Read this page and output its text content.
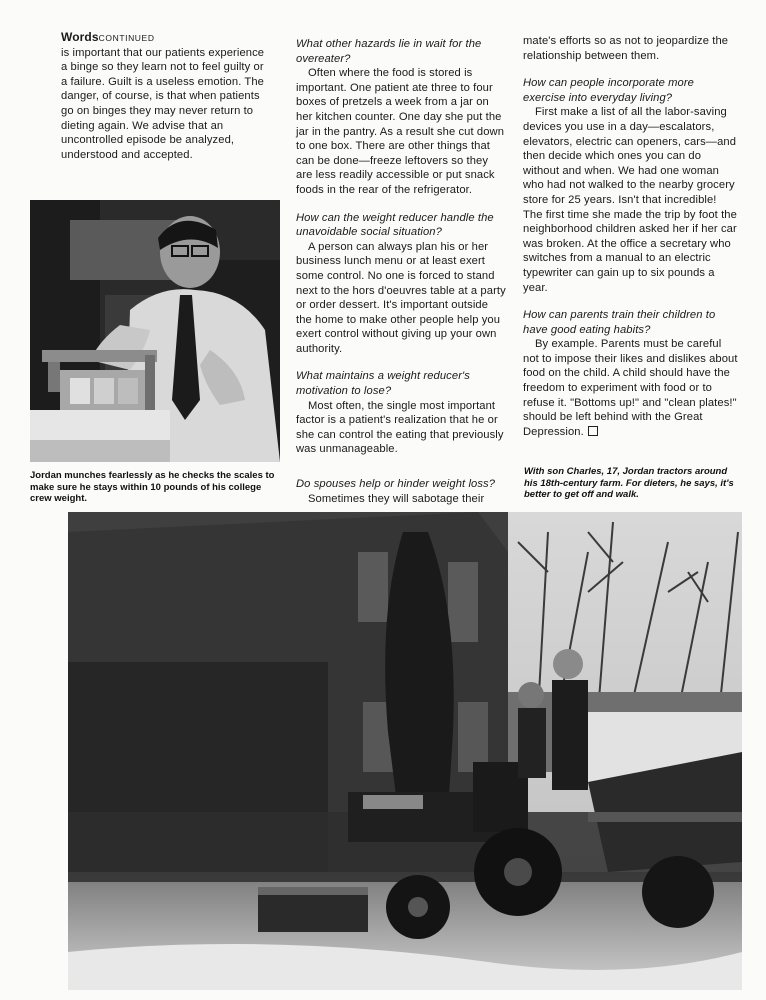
WordsCONTINUED

is important that our patients experience a binge so they learn not to feel guilty or a failure. Guilt is a useless emotion. The danger, of course, is that when patients go on binges they may never return to dieting again. We advise that an uncontrolled episode be analyzed, understood and accepted.

What other hazards lie in wait for the overeater?

Often where the food is stored is important. One patient ate three to four boxes of pretzels a week from a jar on her kitchen counter. One day she put the jar in the pantry. As a result she cut down to one box. There are other things that can be done—freeze leftovers so they are less readily accessible or put snack foods in the rear of the refrigerator.

How can the weight reducer handle the unavoidable social situation?

A person can always plan his or her business lunch menu or at least exert some control. No one is forced to stand next to the hors d'oeuvres table at a party or order dessert. It's important outside the home to make other people help you exert control without giving up your own authority.

What maintains a weight reducer's motivation to lose?

Most often, the single most important factor is a patient's realization that he or she can control the eating that previously was unmanageable.

Do spouses help or hinder weight loss?

Sometimes they will sabotage their

mate's efforts so as not to jeopardize the relationship between them.

How can people incorporate more exercise into everyday living?

First make a list of all the labor-saving devices you use in a day—escalators, elevators, electric can openers, cars—and then decide which ones you can do without and when. We had one woman who had not walked to the nearby grocery store for 25 years. Isn't that incredible! The first time she made the trip by foot the neighborhood children asked her if her car was broken. At the office a secretary who switches from a manual to an electric typewriter can gain up to six pounds a year.

How can parents train their children to have good eating habits?

By example. Parents must be careful not to impose their likes and dislikes about food on the child. A child should have the freedom to experiment with food or to refuse it. "Bottoms up!" and "clean plates!" should be left behind with the Great Depression.

Jordan munches fearlessly as he checks the scales to make sure he stays within 10 pounds of his college crew weight.
With son Charles, 17, Jordan tractors around his 18th-century farm. For dieters, he says, it's better to get off and walk.
